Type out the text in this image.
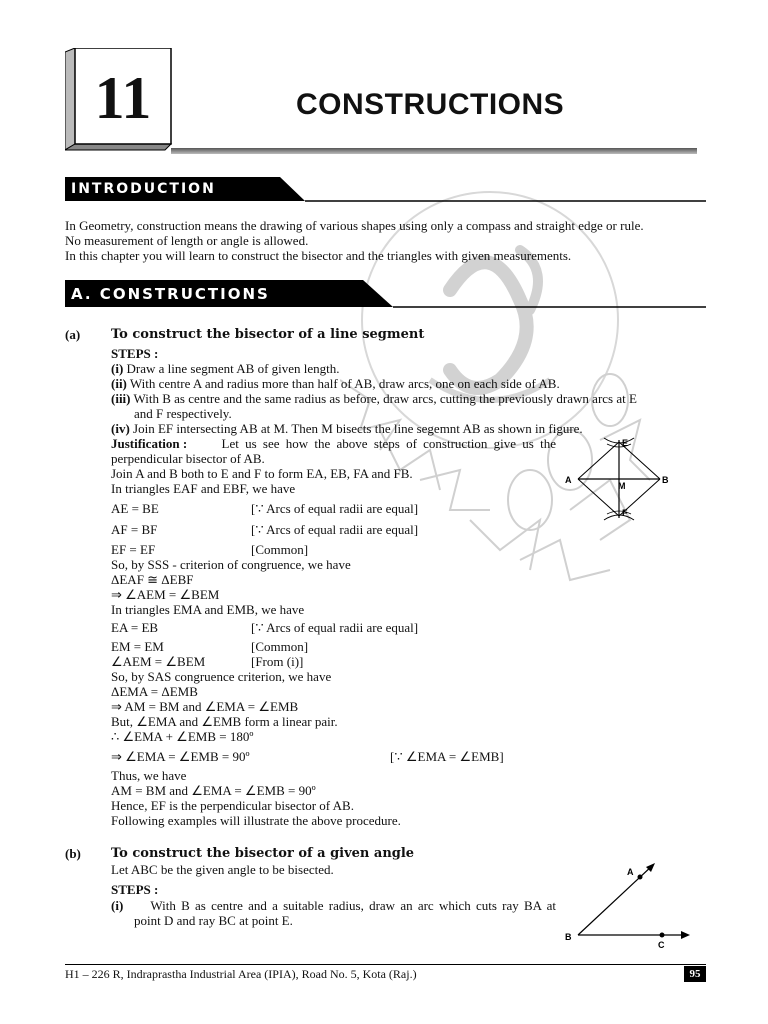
11	CONSTRUCTIONS
INTRODUCTION
In Geometry, construction means the drawing of various shapes using only a compass and straight edge or rule.
No measurement of length or angle is allowed.
In this chapter you will learn to construct the bisector and the triangles with given measurements.
A. CONSTRUCTIONS
(a) To construct the bisector of a line segment
STEPS :
(i) Draw a line segment AB of given length.
(ii) With centre A and radius more than half of AB, draw arcs, one on each side of AB.
(iii) With B as centre and the same radius as before, draw arcs, cutting the previously drawn arcs at E
and F respectively.
(iv) Join EF intersecting AB at M. Then M bisects the line segemnt AB as shown in figure.
Justification :	Let us see how the above steps of construction give us the
perpendicular bisector of AB.
Join A and B both to E and F to form EA, EB, FA and FB.
In triangles EAF and EBF, we have
AE = BE	[∵ Arcs of equal radii are equal]
AF = BF	[∵ Arcs of equal radii are equal]
EF = EF	[Common]
So, by SSS - criterion of congruence, we have
ΔEAF ≅ ΔEBF
⇒ ∠AEM = ∠BEM
In triangles EMA and EMB, we have
EA = EB	[∵ Arcs of equal radii are equal]
EM = EM	[Common]
∠AEM = ∠BEM	[From (i)]
So, by SAS congruence criterion, we have
ΔEMA = ΔEMB
⇒ AM = BM and ∠EMA = ∠EMB
But, ∠EMA and ∠EMB form a linear pair.
∴ ∠EMA + ∠EMB = 180º
⇒ ∠EMA = ∠EMB = 90º	[∵ ∠EMA = ∠EMB]
Thus, we have
AM = BM and ∠EMA = ∠EMB = 90º
Hence, EF is the perpendicular bisector of AB.
Following examples will illustrate the above procedure.
A	B
E
F
M
(b) To construct the bisector of a given angle
Let ABC be the given angle to be bisected.
STEPS :
(i)	With B as centre and a suitable radius, draw an arc which cuts ray BA at
point D and ray BC at point E.
A
B
C
H1 – 226 R, Indraprastha Industrial Area (IPIA), Road No. 5, Kota (Raj.)	95
